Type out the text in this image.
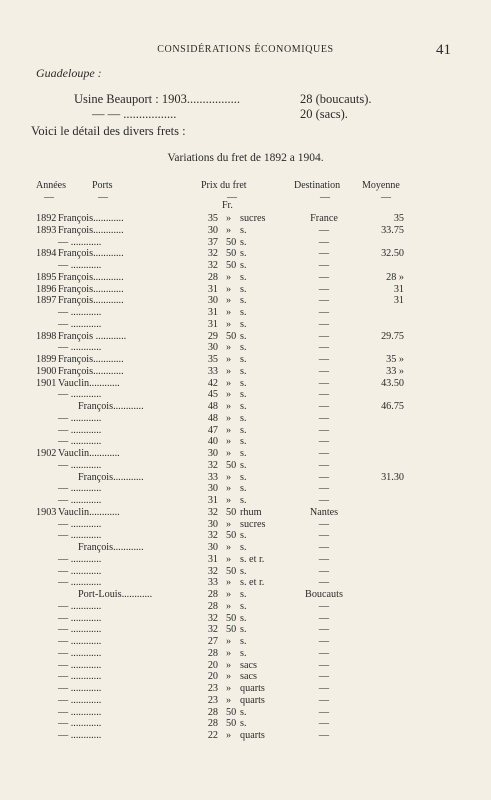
CONSIDÉRATIONS ÉCONOMIQUES	41
Guadeloupe :
Usine Beauport : 1903.................	28 (boucauts).
— — .................	20 (sacs).
Voici le détail des divers frets :
Variations du fret de 1892 a 1904.
Années	Ports	Prix du fret	Destination Moyenne
—	—	—	—	—
Fr.
1892 François............	35 » sucres	France	35
1893 François............	30 » s.	—	33.75
— ............	37 50 s.	—
1894 François............	32 50 s.	—	32.50
— ............	32 50 s.	—
1895 François............	28 » s.	—	28 »
1896 François............	31 » s.	—	31
1897 François............	30 » s.	—	31
— ............	31 » s.	—
— ............	31 » s.	—
1898 François ............	29 50 s.	—	29.75
— ............	30 » s.	—
1899 François............	35 » s.	—	35 »
1900 François............	33 » s.	—	33 »
1901 Vauclin............	42 » s.	—	43.50
— ............	45 » s.	—
François............	48 » s.	—	46.75
— ............	48 » s.	—
— ............	47 » s.	—
— ............	40 » s.	—
1902 Vauclin............	30 » s.	—
— ............	32 50 s.	—
François............	33 » s.	—	31.30
— ............	30 » s.	—
— ............	31 » s.	—
1903 Vauclin............	32 50 rhum	Nantes
— ............	30 » sucres	—
— ............	32 50 s.	—
François............	30 » s.	—
— ............	31 » s. et r.	—
— ............	32 50 s.	—
— ............	33 » s. et r.	—
Port-Louis............	28 » s.	Boucauts
— ............	28 » s.	—
— ............	32 50 s.	—
— ............	32 50 s.	—
— ............	27 » s.	—
— ............	28 » s.	—
— ............	20 » sacs	—
— ............	20 » sacs	—
— ............	23 » quarts	—
— ............	23 » quarts	—
— ............	28 50 s.	—
— ............	28 50 s.	—
— ............	22 » quarts	—
